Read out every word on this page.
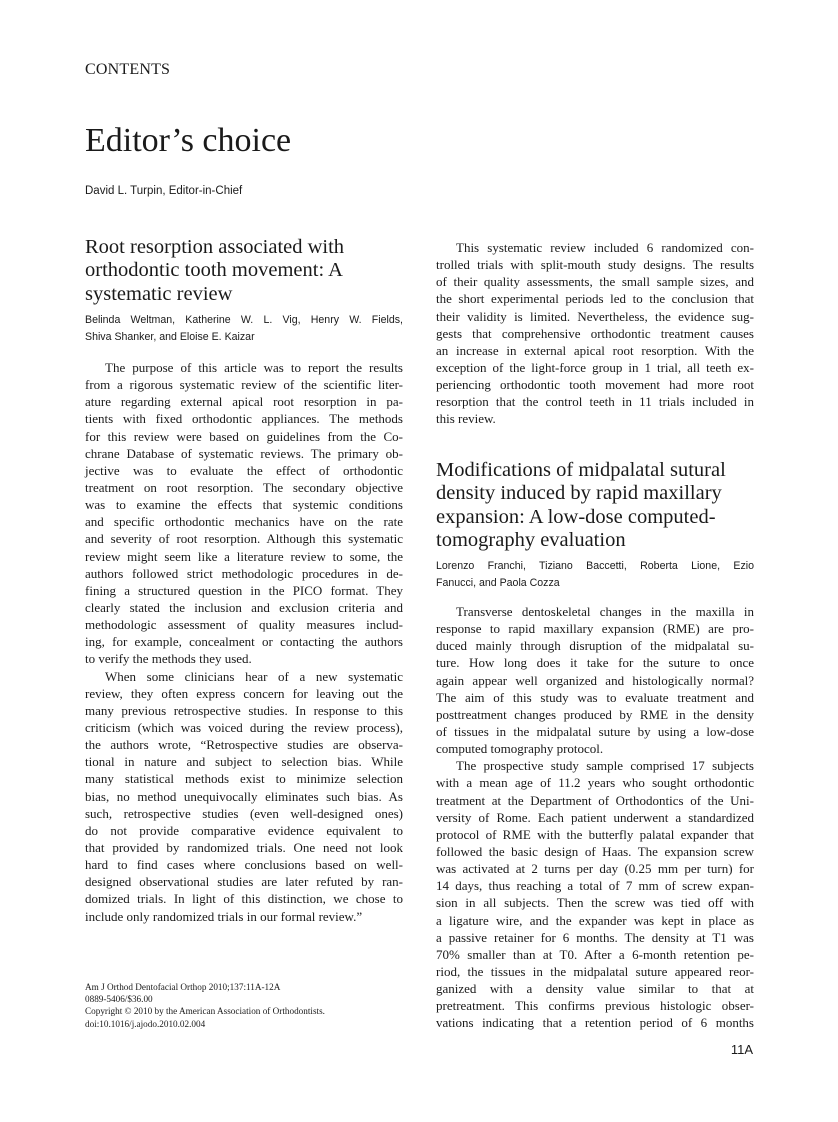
CONTENTS
Editor’s choice
David L. Turpin, Editor-in-Chief
Root resorption associated with
orthodontic tooth movement: A
systematic review
Belinda Weltman, Katherine W. L. Vig, Henry W. Fields,
Shiva Shanker, and Eloise E. Kaizar
The purpose of this article was to report the results
from a rigorous systematic review of the scientific liter-
ature regarding external apical root resorption in pa-
tients with fixed orthodontic appliances. The methods
for this review were based on guidelines from the Co-
chrane Database of systematic reviews. The primary ob-
jective was to evaluate the effect of orthodontic
treatment on root resorption. The secondary objective
was to examine the effects that systemic conditions
and specific orthodontic mechanics have on the rate
and severity of root resorption. Although this systematic
review might seem like a literature review to some, the
authors followed strict methodologic procedures in de-
fining a structured question in the PICO format. They
clearly stated the inclusion and exclusion criteria and
methodologic assessment of quality measures includ-
ing, for example, concealment or contacting the authors
to verify the methods they used.
When some clinicians hear of a new systematic
review, they often express concern for leaving out the
many previous retrospective studies. In response to this
criticism (which was voiced during the review process),
the authors wrote, “Retrospective studies are observa-
tional in nature and subject to selection bias. While
many statistical methods exist to minimize selection
bias, no method unequivocally eliminates such bias. As
such, retrospective studies (even well-designed ones)
do not provide comparative evidence equivalent to
that provided by randomized trials. One need not look
hard to find cases where conclusions based on well-
designed observational studies are later refuted by ran-
domized trials. In light of this distinction, we chose to
include only randomized trials in our formal review.”
This systematic review included 6 randomized con-
trolled trials with split-mouth study designs. The results
of their quality assessments, the small sample sizes, and
the short experimental periods led to the conclusion that
their validity is limited. Nevertheless, the evidence sug-
gests that comprehensive orthodontic treatment causes
an increase in external apical root resorption. With the
exception of the light-force group in 1 trial, all teeth ex-
periencing orthodontic tooth movement had more root
resorption that the control teeth in 11 trials included in
this review.
Modifications of midpalatal sutural
density induced by rapid maxillary
expansion: A low-dose computed-
tomography evaluation
Lorenzo Franchi, Tiziano Baccetti, Roberta Lione, Ezio
Fanucci, and Paola Cozza
Transverse dentoskeletal changes in the maxilla in
response to rapid maxillary expansion (RME) are pro-
duced mainly through disruption of the midpalatal su-
ture. How long does it take for the suture to once
again appear well organized and histologically normal?
The aim of this study was to evaluate treatment and
posttreatment changes produced by RME in the density
of tissues in the midpalatal suture by using a low-dose
computed tomography protocol.
The prospective study sample comprised 17 subjects
with a mean age of 11.2 years who sought orthodontic
treatment at the Department of Orthodontics of the Uni-
versity of Rome. Each patient underwent a standardized
protocol of RME with the butterfly palatal expander that
followed the basic design of Haas. The expansion screw
was activated at 2 turns per day (0.25 mm per turn) for
14 days, thus reaching a total of 7 mm of screw expan-
sion in all subjects. Then the screw was tied off with
a ligature wire, and the expander was kept in place as
a passive retainer for 6 months. The density at T1 was
70% smaller than at T0. After a 6-month retention pe-
riod, the tissues in the midpalatal suture appeared reor-
ganized with a density value similar to that at
pretreatment. This confirms previous histologic obser-
vations indicating that a retention period of 6 months
Am J Orthod Dentofacial Orthop 2010;137:11A-12A
0889-5406/$36.00
Copyright © 2010 by the American Association of Orthodontists.
doi:10.1016/j.ajodo.2010.02.004
11A
